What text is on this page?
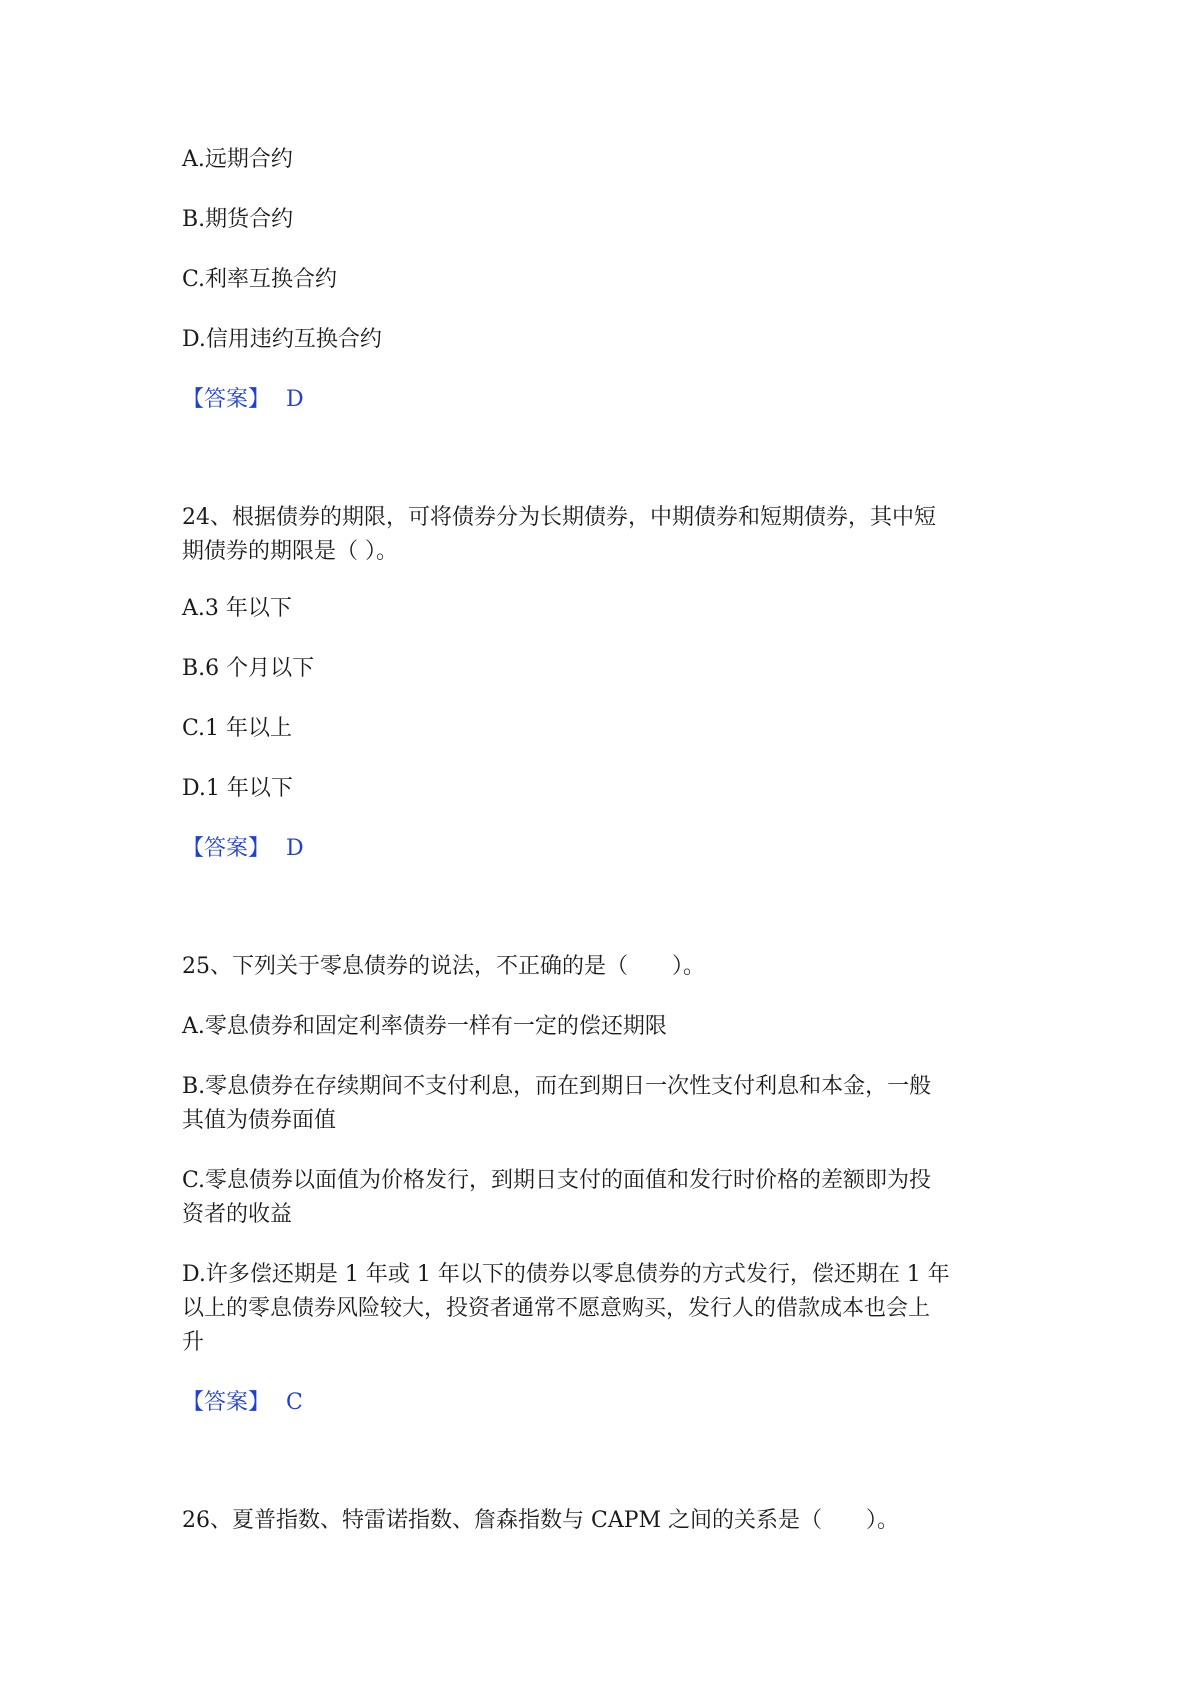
A.远期合约
B.期货合约
C.利率互换合约
D.信用违约互换合约
【答案】 D
24、根据债券的期限，可将债券分为长期债券，中期债券和短期债券，其中短
期债券的期限是（ ）。
A.3 年以下
B.6 个月以下
C.1 年以上
D.1 年以下
【答案】 D
25、下列关于零息债券的说法，不正确的是（　　）。
A.零息债券和固定利率债券一样有一定的偿还期限
B.零息债券在存续期间不支付利息，而在到期日一次性支付利息和本金，一般
其值为债券面值
C.零息债券以面值为价格发行，到期日支付的面值和发行时价格的差额即为投
资者的收益
D.许多偿还期是 1 年或 1 年以下的债券以零息债券的方式发行，偿还期在 1 年
以上的零息债券风险较大，投资者通常不愿意购买，发行人的借款成本也会上
升
【答案】 C
26、夏普指数、特雷诺指数、詹森指数与 CAPM 之间的关系是（　　）。
